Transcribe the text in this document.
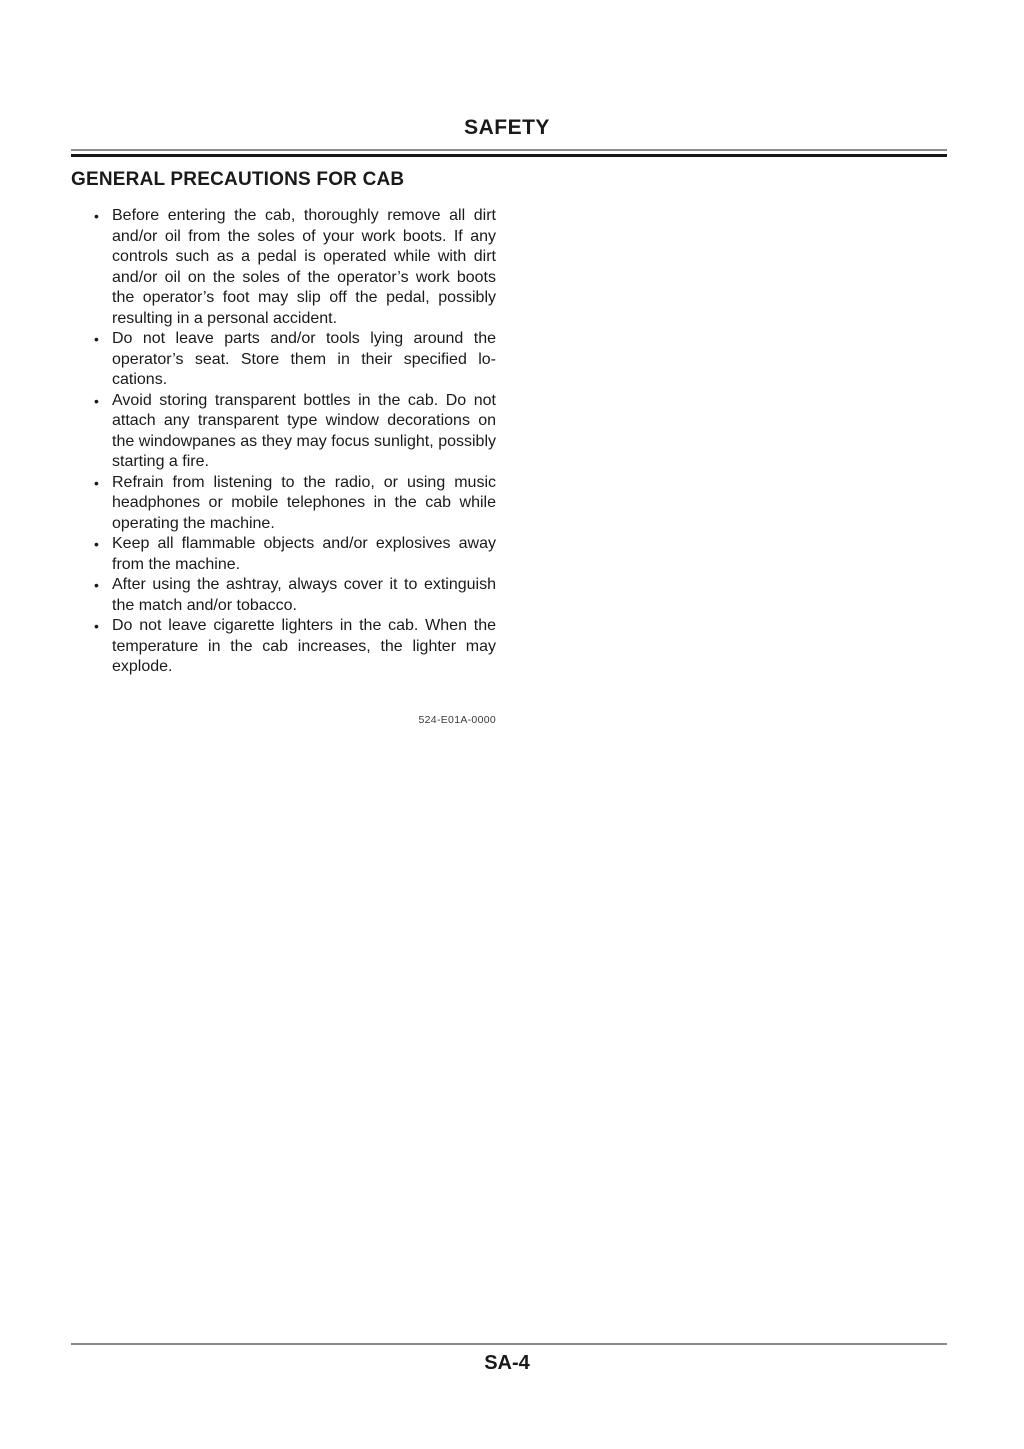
SAFETY
GENERAL PRECAUTIONS FOR CAB
• Before entering the cab, thoroughly remove all dirt and/or oil from the soles of your work boots. If any controls such as a pedal is operated while with dirt and/or oil on the soles of the operator’s work boots the operator’s foot may slip off the pedal, possibly resulting in a personal accident.
• Do not leave parts and/or tools lying around the operator’s seat. Store them in their specified locations.
• Avoid storing transparent bottles in the cab. Do not attach any transparent type window decorations on the windowpanes as they may focus sunlight, possibly starting a fire.
• Refrain from listening to the radio, or using music headphones or mobile telephones in the cab while operating the machine.
• Keep all flammable objects and/or explosives away from the machine.
• After using the ashtray, always cover it to extinguish the match and/or tobacco.
• Do not leave cigarette lighters in the cab. When the temperature in the cab increases, the lighter may explode.
524-E01A-0000
SA-4
